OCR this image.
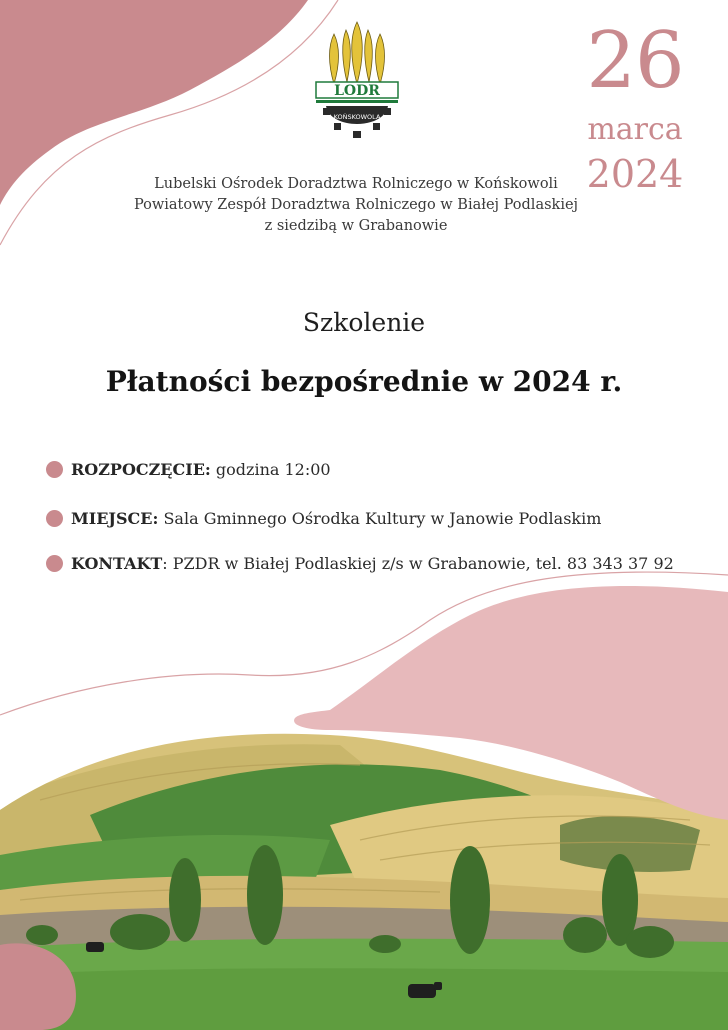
LODR
KOŃSKOWOLA
26
marca
2024
Lubelski Ośrodek Doradztwa Rolniczego w Końskowoli
Powiatowy Zespół Doradztwa Rolniczego w Białej Podlaskiej
z siedzibą w Grabanowie
Szkolenie
Płatności bezpośrednie w 2024 r.
ROZPOCZĘCIE: godzina 12:00
MIEJSCE: Sala Gminnego Ośrodka Kultury w Janowie Podlaskim
KONTAKT: PZDR w Białej Podlaskiej z/s w Grabanowie, tel. 83 343 37 92
